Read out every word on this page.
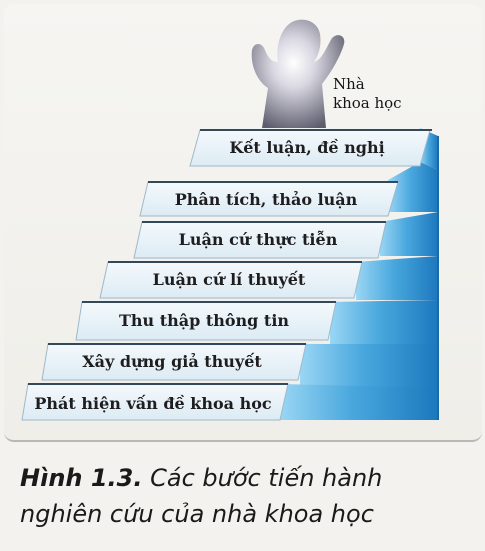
Nhà
khoa học
Phát hiện vấn đề khoa học
Xây dựng giả thuyết
Thu thập thông tin
Luận cứ lí thuyết
Luận cứ thực tiễn
Phân tích, thảo luận
Kết luận, đề nghị
Hình 1.3. Các bước tiến hành nghiên cứu của nhà khoa học
